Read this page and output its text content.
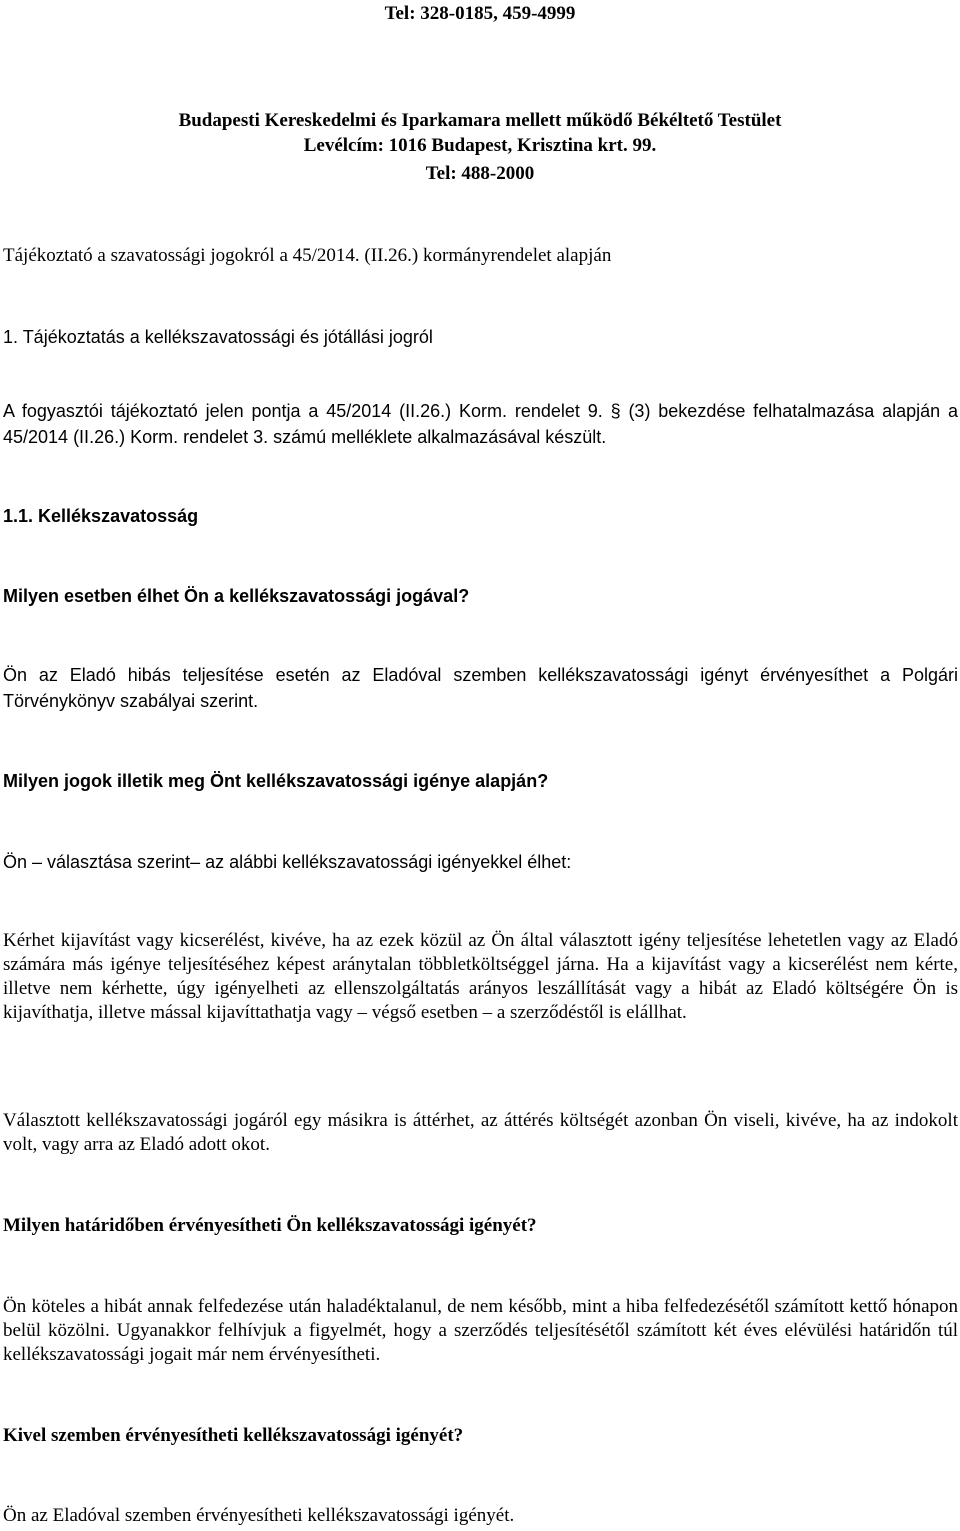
Tel: 328-0185, 459-4999

Budapesti Kereskedelmi és Iparkamara mellett működő Békéltető Testület

Levélcím: 1016 Budapest, Krisztina krt. 99.

Tel: 488-2000

Tájékoztató a szavatossági jogokról a 45/2014. (II.26.) kormányrendelet alapján

1. Tájékoztatás a kellékszavatossági és jótállási jogról

A fogyasztói tájékoztató jelen pontja a 45/2014 (II.26.) Korm. rendelet 9. § (3) bekezdése felhatalmazása alapján a 45/2014 (II.26.) Korm. rendelet 3. számú melléklete alkalmazásával készült.

1.1. Kellékszavatosság

Milyen esetben élhet Ön a kellékszavatossági jogával?

Ön az Eladó hibás teljesítése esetén az Eladóval szemben kellékszavatossági igényt érvényesíthet a Polgári Törvénykönyv szabályai szerint.

Milyen jogok illetik meg Önt kellékszavatossági igénye alapján?

Ön – választása szerint– az alábbi kellékszavatossági igényekkel élhet:

Kérhet kijavítást vagy kicserélést, kivéve, ha az ezek közül az Ön által választott igény teljesítése lehetetlen vagy az Eladó számára más igénye teljesítéséhez képest aránytalan többletköltséggel járna. Ha a kijavítást vagy a kicserélést nem kérte, illetve nem kérhette, úgy igényelheti az ellenszolgáltatás arányos leszállítását vagy a hibát az Eladó költségére Ön is kijavíthatja, illetve mással kijavíttathatja vagy – végső esetben – a szerződéstől is elállhat.

Választott kellékszavatossági jogáról egy másikra is áttérhet, az áttérés költségét azonban Ön viseli, kivéve, ha az indokolt volt, vagy arra az Eladó adott okot.

Milyen határidőben érvényesítheti Ön kellékszavatossági igényét?

Ön köteles a hibát annak felfedezése után haladéktalanul, de nem később, mint a hiba felfedezésétől számított kettő hónapon belül közölni. Ugyanakkor felhívjuk a figyelmét, hogy a szerződés teljesítésétől számított két éves elévülési határidőn túl kellékszavatossági jogait már nem érvényesítheti.

Kivel szemben érvényesítheti kellékszavatossági igényét?

Ön az Eladóval szemben érvényesítheti kellékszavatossági igényét.
